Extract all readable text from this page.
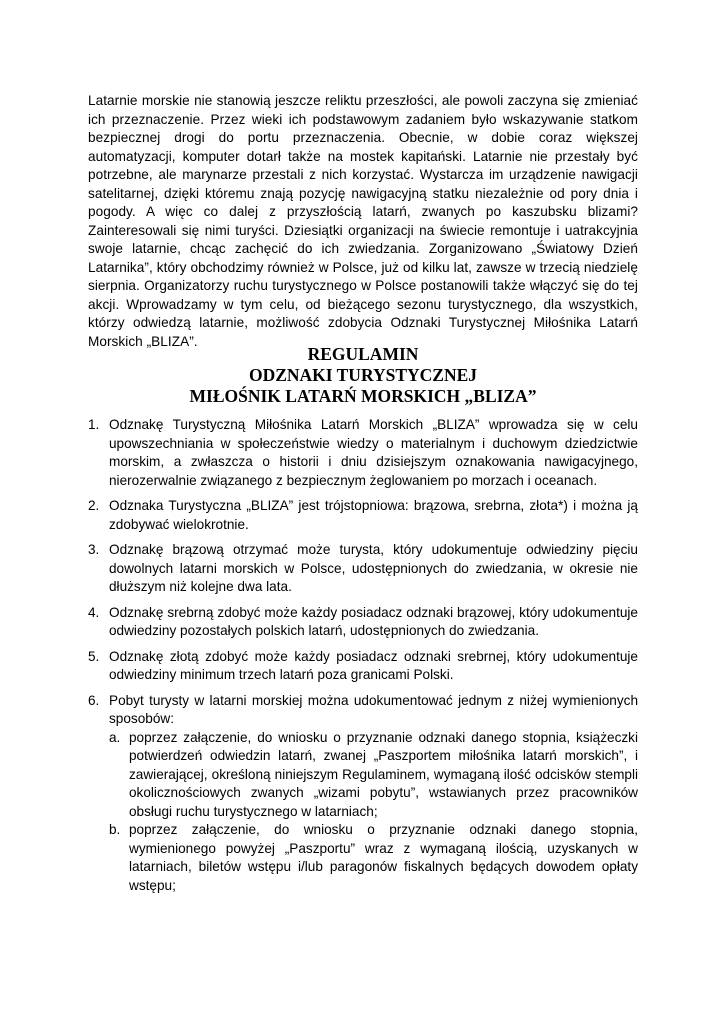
Latarnie morskie nie stanowią jeszcze reliktu przeszłości, ale powoli zaczyna się zmieniać ich przeznaczenie. Przez wieki ich podstawowym zadaniem było wskazywanie statkom bezpiecznej drogi do portu przeznaczenia. Obecnie, w dobie coraz większej automatyzacji, komputer dotarł także na mostek kapitański. Latarnie nie przestały być potrzebne, ale marynarze przestali z nich korzystać. Wystarcza im urządzenie nawigacji satelitarnej, dzięki któremu znają pozycję nawigacyjną statku niezależnie od pory dnia i pogody. A więc co dalej z przyszłością latarń, zwanych po kaszubsku blizami? Zainteresowali się nimi turyści. Dziesiątki organizacji na świecie remontuje i uatrakcyjnia swoje latarnie, chcąc zachęcić do ich zwiedzania. Zorganizowano „Światowy Dzień Latarnika”, który obchodzimy również w Polsce, już od kilku lat, zawsze w trzecią niedzielę sierpnia. Organizatorzy ruchu turystycznego w Polsce postanowili także włączyć się do tej akcji. Wprowadzamy w tym celu, od bieżącego sezonu turystycznego, dla wszystkich, którzy odwiedzą latarnie, możliwość zdobycia Odznaki Turystycznej Miłośnika Latarń Morskich „BLIZA”.

REGULAMIN
ODZNAKI TURYSTYCZNEJ
MIŁOŚNIK LATARŃ MORSKICH „BLIZA”
1. Odznakę Turystyczną Miłośnika Latarń Morskich „BLIZA” wprowadza się w celu upowszechniania w społeczeństwie wiedzy o materialnym i duchowym dziedzictwie morskim, a zwłaszcza o historii i dniu dzisiejszym oznakowania nawigacyjnego, nierozerwalnie związanego z bezpiecznym żeglowaniem po morzach i oceanach.
2. Odznaka Turystyczna „BLIZA” jest trójstopniowa: brązowa, srebrna, złota*) i można ją zdobywać wielokrotnie.
3. Odznakę brązową otrzymać może turysta, który udokumentuje odwiedziny pięciu dowolnych latarni morskich w Polsce, udostępnionych do zwiedzania, w okresie nie dłuższym niż kolejne dwa lata.
4. Odznakę srebrną zdobyć może każdy posiadacz odznaki brązowej, który udokumentuje odwiedziny pozostałych polskich latarń, udostępnionych do zwiedzania.
5. Odznakę złotą zdobyć może każdy posiadacz odznaki srebrnej, który udokumentuje odwiedziny minimum trzech latarń poza granicami Polski.
6. Pobyt turysty w latarni morskiej można udokumentować jednym z niżej wymienionych sposobów:
a. poprzez załączenie, do wniosku o przyznanie odznaki danego stopnia, książeczki potwierdzeń odwiedzin latarń, zwanej „Paszportem miłośnika latarń morskich”, i zawierającej, określoną niniejszym Regulaminem, wymaganą ilość odcisków stempli okolicznościowych zwanych „wizami pobytu”, wstawianych przez pracowników obsługi ruchu turystycznego w latarniach;
b. poprzez załączenie, do wniosku o przyznanie odznaki danego stopnia, wymienionego powyżej „Paszportu” wraz z wymaganą ilością, uzyskanych w latarniach, biletów wstępu i/lub paragonów fiskalnych będących dowodem opłaty wstępu;
